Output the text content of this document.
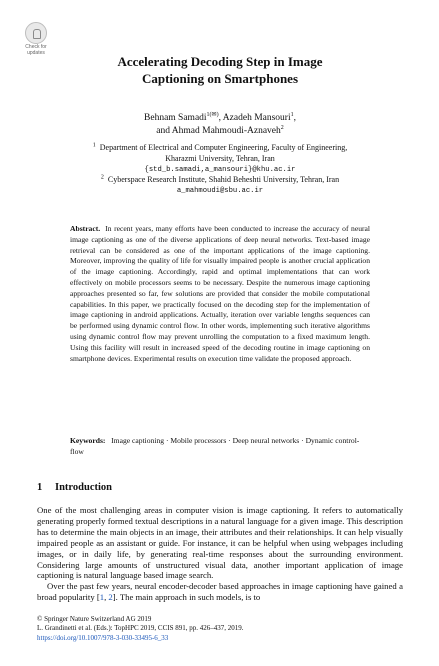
Check for
updates
Accelerating Decoding Step in Image
Captioning on Smartphones
Behnam Samadi$^{1(✉)}$, Azadeh Mansouri$^1$,
and Ahmad Mahmoudi-Aznaveh$^2$
$^1$ Department of Electrical and Computer Engineering, Faculty of Engineering,
Kharazmi University, Tehran, Iran
{std_b.samadi,a_mansouri}@khu.ac.ir
$^2$ Cyberspace Research Institute, Shahid Beheshti University, Tehran, Iran
a_mahmoudi@sbu.ac.ir
Abstract. In recent years, many efforts have been conducted to increase the accuracy of neural image captioning as one of the diverse applications of deep neural networks. Text-based image retrieval can be considered as one of the important applications of the image captioning. Moreover, improving the quality of life for visually impaired people is another crucial application of the image captioning. Accordingly, rapid and optimal implementations that can work effectively on mobile processors seems to be necessary. Despite the numerous image captioning approaches presented so far, few solutions are provided that consider the mobile computational capabilities. In this paper, we practically focused on the decoding step for the implementation of image captioning in android applications. Actually, iteration over variable lengths sequences can be performed using dynamic control flow. In other words, implementing such iterative algorithms using dynamic control flow may prevent unrolling the computation to a fixed maximum length. Using this facility will result in increased speed of the decoding routine in image captioning on smartphone devices. Experimental results on execution time validate the proposed approach.
Keywords: Image captioning · Mobile processors · Deep neural networks · Dynamic control-flow
1 Introduction

One of the most challenging areas in computer vision is image captioning. It refers to automatically generating properly formed textual descriptions in a natural language for a given image. This description has to determine the main objects in an image, their attributes and their relationships. It can help visually impaired people as an assistant or guide. For instance, it can be helpful when using webpages including images, or in daily life, by generating real-time responses about the surrounding environment. Considering large amounts of unstructured visual data, another important application of image captioning is natural language based image search.

Over the past few years, neural encoder-decoder based approaches in image captioning have gained a broad popularity [1, 2]. The main approach in such models, is to

© Springer Nature Switzerland AG 2019
L. Grandinetti et al. (Eds.): TopHPC 2019, CCIS 891, pp. 426–437, 2019.
https://doi.org/10.1007/978-3-030-33495-6_33
